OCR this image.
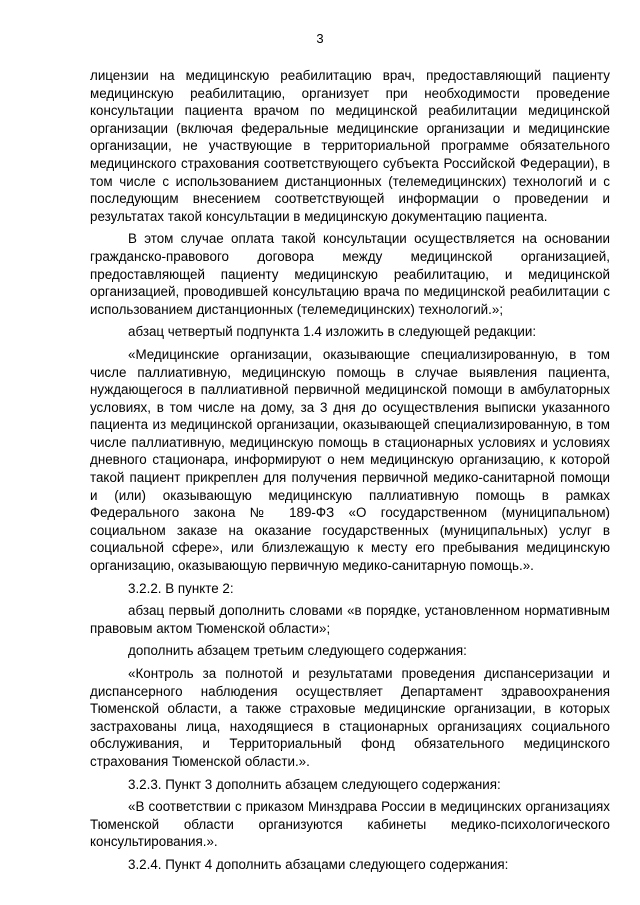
3

лицензии на медицинскую реабилитацию врач, предоставляющий пациенту медицинскую реабилитацию, организует при необходимости проведение консультации пациента врачом по медицинской реабилитации медицинской организации (включая федеральные медицинские организации и медицинские организации, не участвующие в территориальной программе обязательного медицинского страхования соответствующего субъекта Российской Федерации), в том числе с использованием дистанционных (телемедицинских) технологий и с последующим внесением соответствующей информации о проведении и результатах такой консультации в медицинскую документацию пациента.

В этом случае оплата такой консультации осуществляется на основании гражданско-правового договора между медицинской организацией, предоставляющей пациенту медицинскую реабилитацию, и медицинской организацией, проводившей консультацию врача по медицинской реабилитации с использованием дистанционных (телемедицинских) технологий.»;

абзац четвертый подпункта 1.4 изложить в следующей редакции:

«Медицинские организации, оказывающие специализированную, в том числе паллиативную, медицинскую помощь в случае выявления пациента, нуждающегося в паллиативной первичной медицинской помощи в амбулаторных условиях, в том числе на дому, за 3 дня до осуществления выписки указанного пациента из медицинской организации, оказывающей специализированную, в том числе паллиативную, медицинскую помощь в стационарных условиях и условиях дневного стационара, информируют о нем медицинскую организацию, к которой такой пациент прикреплен для получения первичной медико-санитарной помощи и (или) оказывающую медицинскую паллиативную помощь в рамках Федерального закона № 189-ФЗ «О государственном (муниципальном) социальном заказе на оказание государственных (муниципальных) услуг в социальной сфере», или близлежащую к месту его пребывания медицинскую организацию, оказывающую первичную медико-санитарную помощь.».

3.2.2. В пункте 2:

абзац первый дополнить словами «в порядке, установленном нормативным правовым актом Тюменской области»;

дополнить абзацем третьим следующего содержания:

«Контроль за полнотой и результатами проведения диспансеризации и диспансерного наблюдения осуществляет Департамент здравоохранения Тюменской области, а также страховые медицинские организации, в которых застрахованы лица, находящиеся в стационарных организациях социального обслуживания, и Территориальный фонд обязательного медицинского страхования Тюменской области.».

3.2.3. Пункт 3 дополнить абзацем следующего содержания:

«В соответствии с приказом Минздрава России в медицинских организациях Тюменской области организуются кабинеты медико-психологического консультирования.».

3.2.4. Пункт 4 дополнить абзацами следующего содержания:
